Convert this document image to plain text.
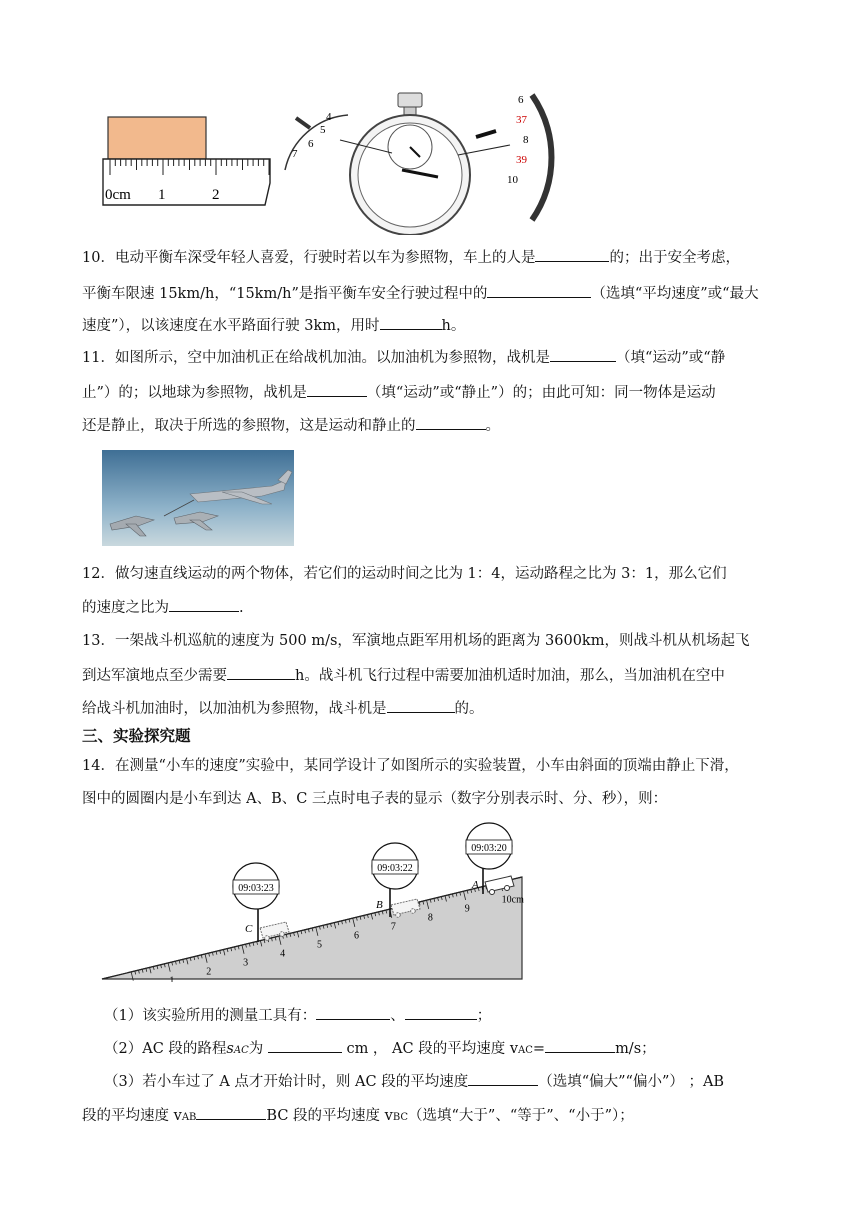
0cm 1	2
7
6
5
4
6
37
8
39
10
10．电动平衡车深受年轻人喜爱，行驶时若以车为参照物，车上的人是	的；出于安全考虑，
平衡车限速 15km/h，“15km/h”是指平衡车安全行驶过程中的	（选填“平均速度”或“最大
速度”），以该速度在水平路面行驶 3km，用时	h。
11．如图所示，空中加油机正在给战机加油。以加油机为参照物，战机是	（填“运动”或“静
止”）的；以地球为参照物，战机是	（填“运动”或“静止”）的；由此可知：同一物体是运动
还是静止，取决于所选的参照物，这是运动和静止的	。
12．做匀速直线运动的两个物体，若它们的运动时间之比为 1：4，运动路程之比为 3：1，那么它们
的速度之比为	.
13．一架战斗机巡航的速度为 500 m/s，军演地点距军用机场的距离为 3600km，则战斗机从机场起飞
到达军演地点至少需要	h。战斗机飞行过程中需要加油机适时加油，那么，当加油机在空中
给战斗机加油时，以加油机为参照物，战斗机是	的。
三、实验探究题
14．在测量“小车的速度”实验中，某同学设计了如图所示的实验装置，小车由斜面的顶端由静止下滑，
图中的圆圈内是小车到达 A、B、C 三点时电子表的显示（数字分别表示时、分、秒），则：
1
2
3
4
5
6
7
8
9
10cm
09:03:20
A
09:03:22
B
09:03:23
C
（1）该实验所用的测量工具有：	、	；
（2）AC 段的路程sAC为	cm ， AC 段的平均速度 vAC=	m/s；
（3）若小车过了 A 点才开始计时，则 AC 段的平均速度	（选填“偏大”“偏小”） ；AB
段的平均速度 vAB	BC 段的平均速度 vBC（选填“大于”、“等于”、“小于”）；
